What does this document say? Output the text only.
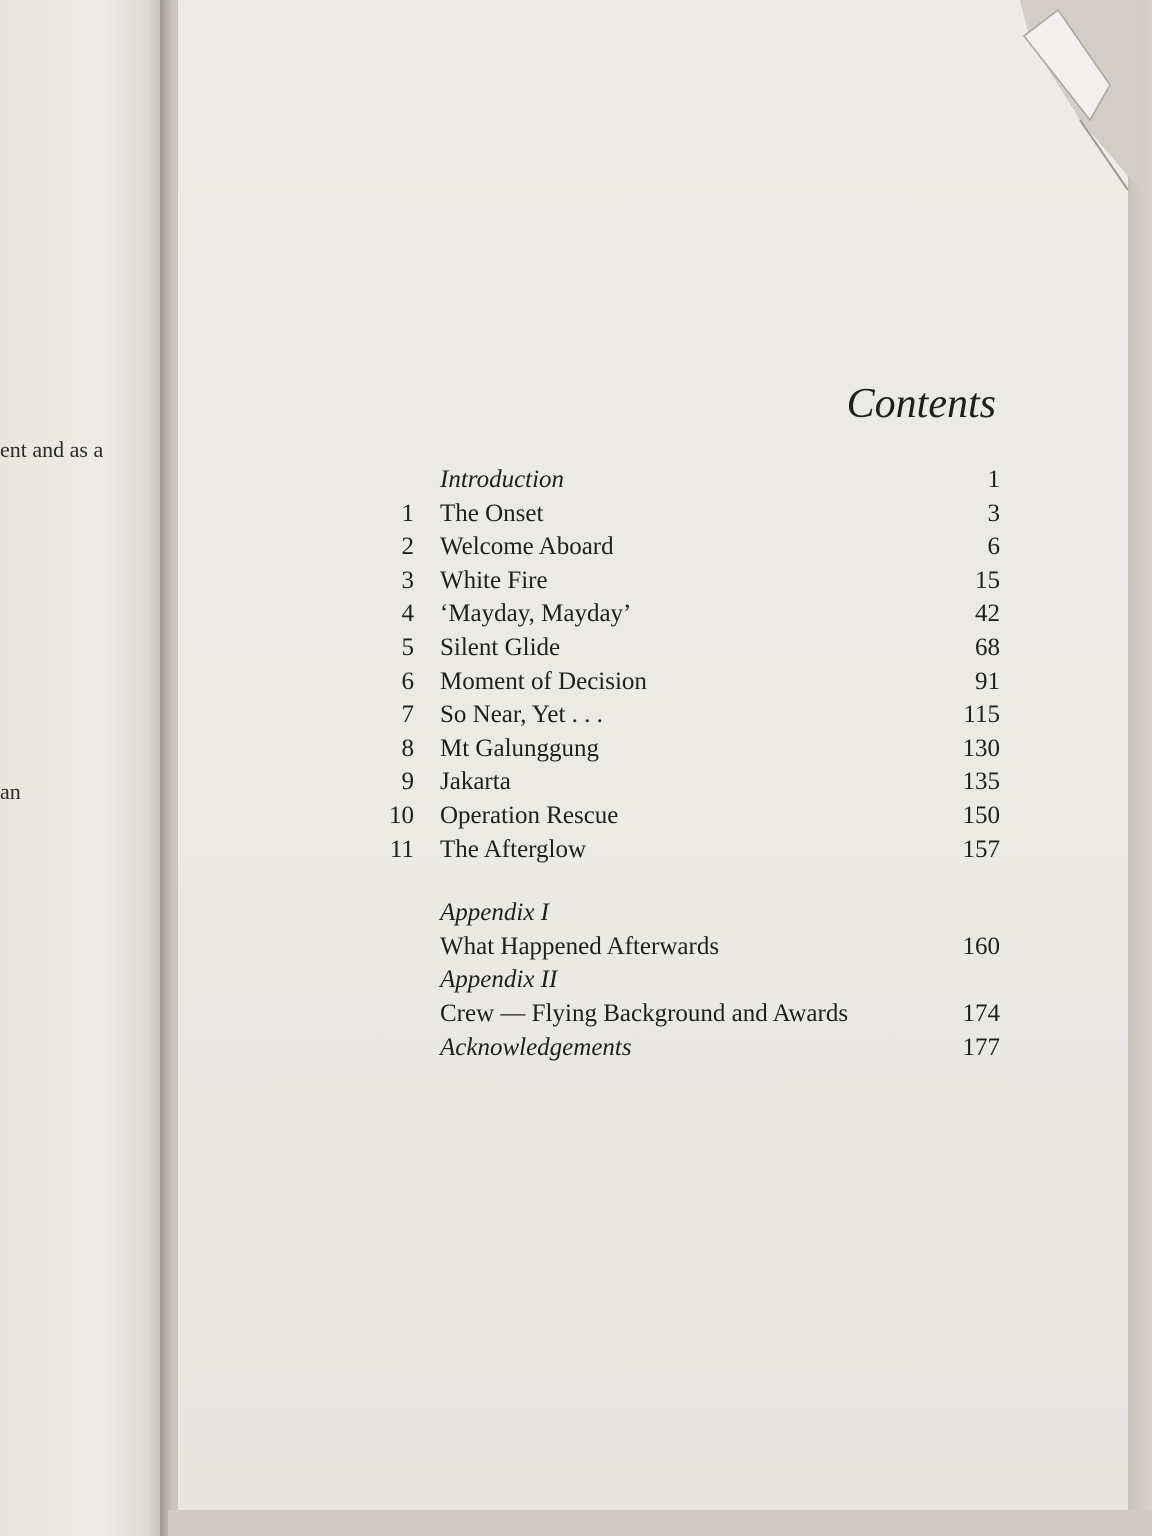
ent and as a
an
Contents
Introduction	1
1 The Onset	3
2 Welcome Aboard	6
3 White Fire	15
4 ‘Mayday, Mayday’	42
5 Silent Glide	68
6 Moment of Decision	91
7 So Near, Yet . . .	115
8 Mt Galunggung	130
9 Jakarta	135
10 Operation Rescue	150
11 The Afterglow	157
Appendix I
What Happened Afterwards	160
Appendix II
Crew — Flying Background and Awards	174
Acknowledgements	177
